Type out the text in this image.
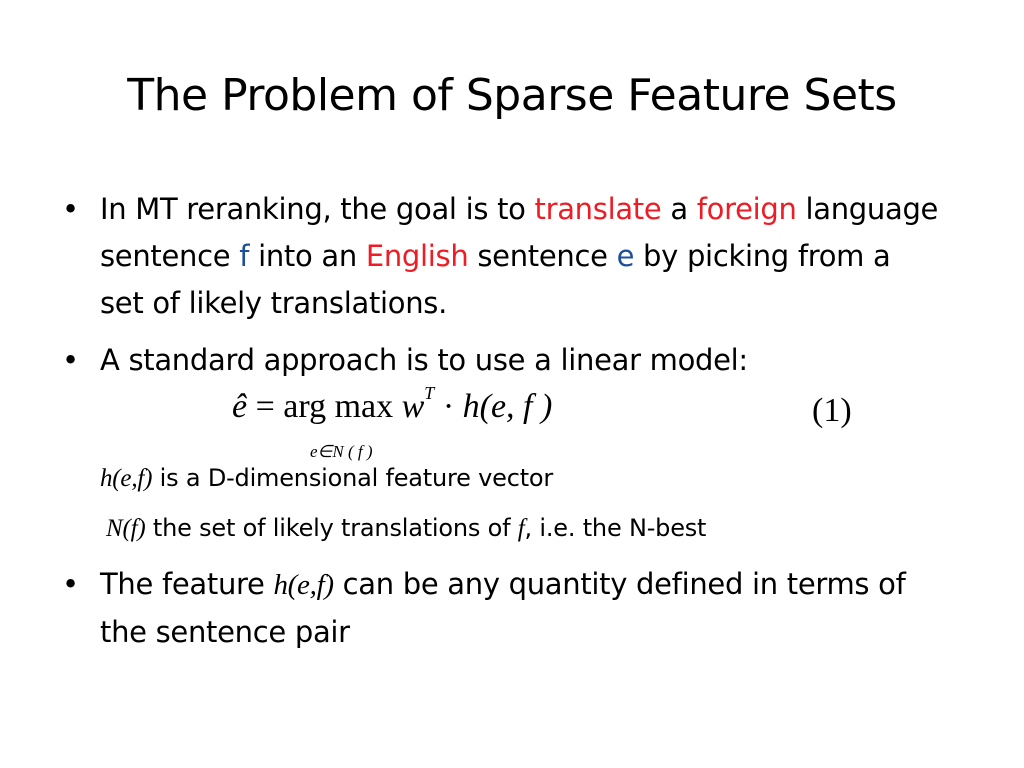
The Problem of Sparse Feature Sets
• In MT reranking, the goal is to translate a foreign language sentence f into an English sentence e by picking from a set of likely translations.
• A standard approach is to use a linear model:
ê = arg $\max w^T \cdot h(e$, f )
e∈N ( f )
(1)
h(e,f) is a D-dimensional feature vector
N(f) the set of likely translations of f, i.e. the N-best
• The feature h(e,f) can be any quantity defined in terms of the sentence pair
